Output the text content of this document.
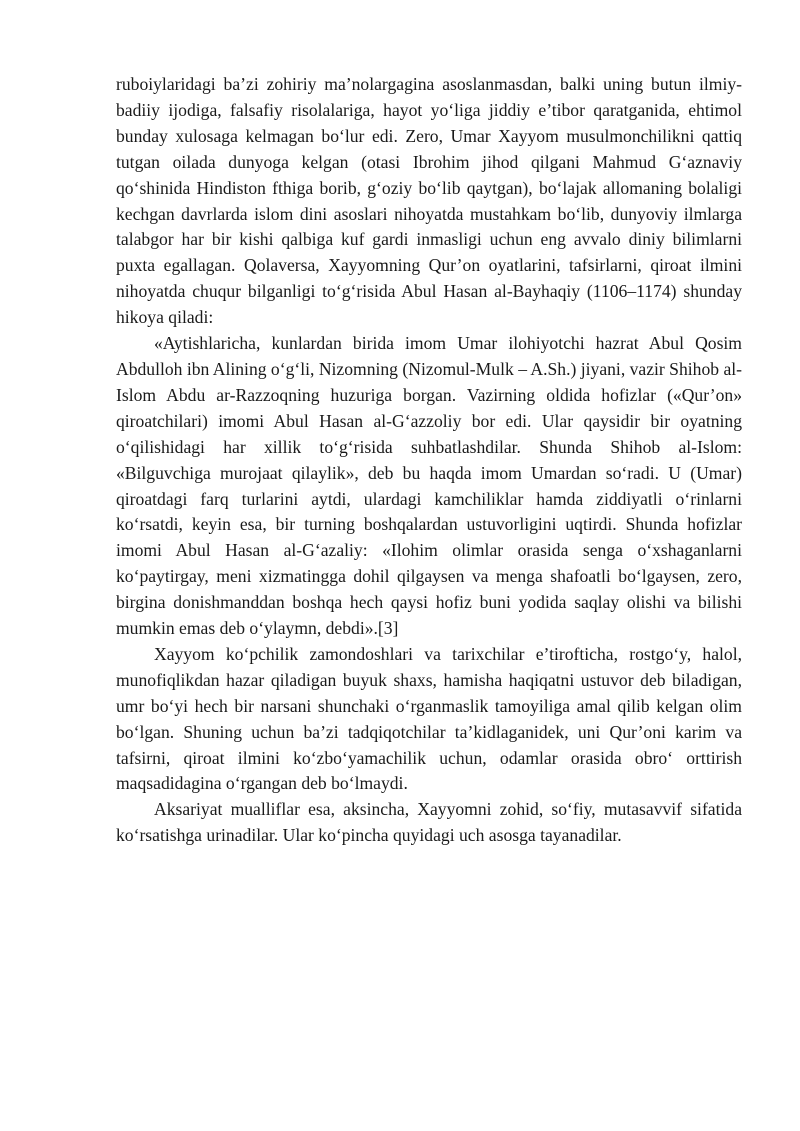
ruboiylaridagi ba’zi zohiriy ma’nolargagina asoslanmasdan, balki uning butun ilmiy-badiiy ijodiga, falsafiy risolalariga, hayot yo‘liga jiddiy e’tibor qaratganida, ehtimol bunday xulosaga kelmagan bo‘lur edi. Zero, Umar Xayyom musulmonchilikni qattiq tutgan oilada dunyoga kelgan (otasi Ibrohim jihod qilgani Mahmud G‘aznaviy qo‘shinida Hindiston fthiga borib, g‘oziy bo‘lib qaytgan), bo‘lajak allomaning bolaligi kechgan davrlarda islom dini asoslari nihoyatda mustahkam bo‘lib, dunyoviy ilmlarga talabgor har bir kishi qalbiga kuf gardi inmasligi uchun eng avvalo diniy bilimlarni puxta egallagan. Qolaversa, Xayyomning Qur’on oyatlarini, tafsirlarni, qiroat ilmini nihoyatda chuqur bilganligi to‘g‘risida Abul Hasan al-Bayhaqiy (1106–1174) shunday hikoya qiladi:

«Aytishlaricha, kunlardan birida imom Umar ilohiyotchi hazrat Abul Qosim Abdulloh ibn Alining o‘g‘li, Nizomning (Nizomul-Mulk – A.Sh.) jiyani, vazir Shihob al-Islom Abdu ar-Razzoqning huzuriga borgan. Vazirning oldida hofizlar («Qur’on» qiroatchilari) imomi Abul Hasan al-G‘azzoliy bor edi. Ular qaysidir bir oyatning o‘qilishidagi har xillik to‘g‘risida suhbatlashdilar. Shunda Shihob al-Islom: «Bilguvchiga murojaat qilaylik», deb bu haqda imom Umardan so‘radi. U (Umar) qiroatdagi farq turlarini aytdi, ulardagi kamchiliklar hamda ziddiyatli o‘rinlarni ko‘rsatdi, keyin esa, bir turning boshqalardan ustuvorligini uqtirdi. Shunda hofizlar imomi Abul Hasan al-G‘azaliy: «Ilohim olimlar orasida senga o‘xshaganlarni ko‘paytirgay, meni xizmatingga dohil qilgaysen va menga shafoatli bo‘lgaysen, zero, birgina donishmanddan boshqa hech qaysi hofiz buni yodida saqlay olishi va bilishi mumkin emas deb o‘ylaymn, debdi».[3]

Xayyom ko‘pchilik zamondoshlari va tarixchilar e’tirofticha, rostgo‘y, halol, munofiqlikdan hazar qiladigan buyuk shaxs, hamisha haqiqatni ustuvor deb biladigan, umr bo‘yi hech bir narsani shunchaki o‘rganmaslik tamoyiliga amal qilib kelgan olim bo‘lgan. Shuning uchun ba’zi tadqiqotchilar ta’kidlaganidek, uni Qur’oni karim va tafsirni, qiroat ilmini ko‘zbo‘yamachilik uchun, odamlar orasida obro‘ orttirish maqsadidagina o‘rgangan deb bo‘lmaydi.

Aksariyat mualliflar esa, aksincha, Xayyomni zohid, so‘fiy, mutasavvif sifatida ko‘rsatishga urinadilar. Ular ko‘pincha quyidagi uch asosga tayanadilar.
